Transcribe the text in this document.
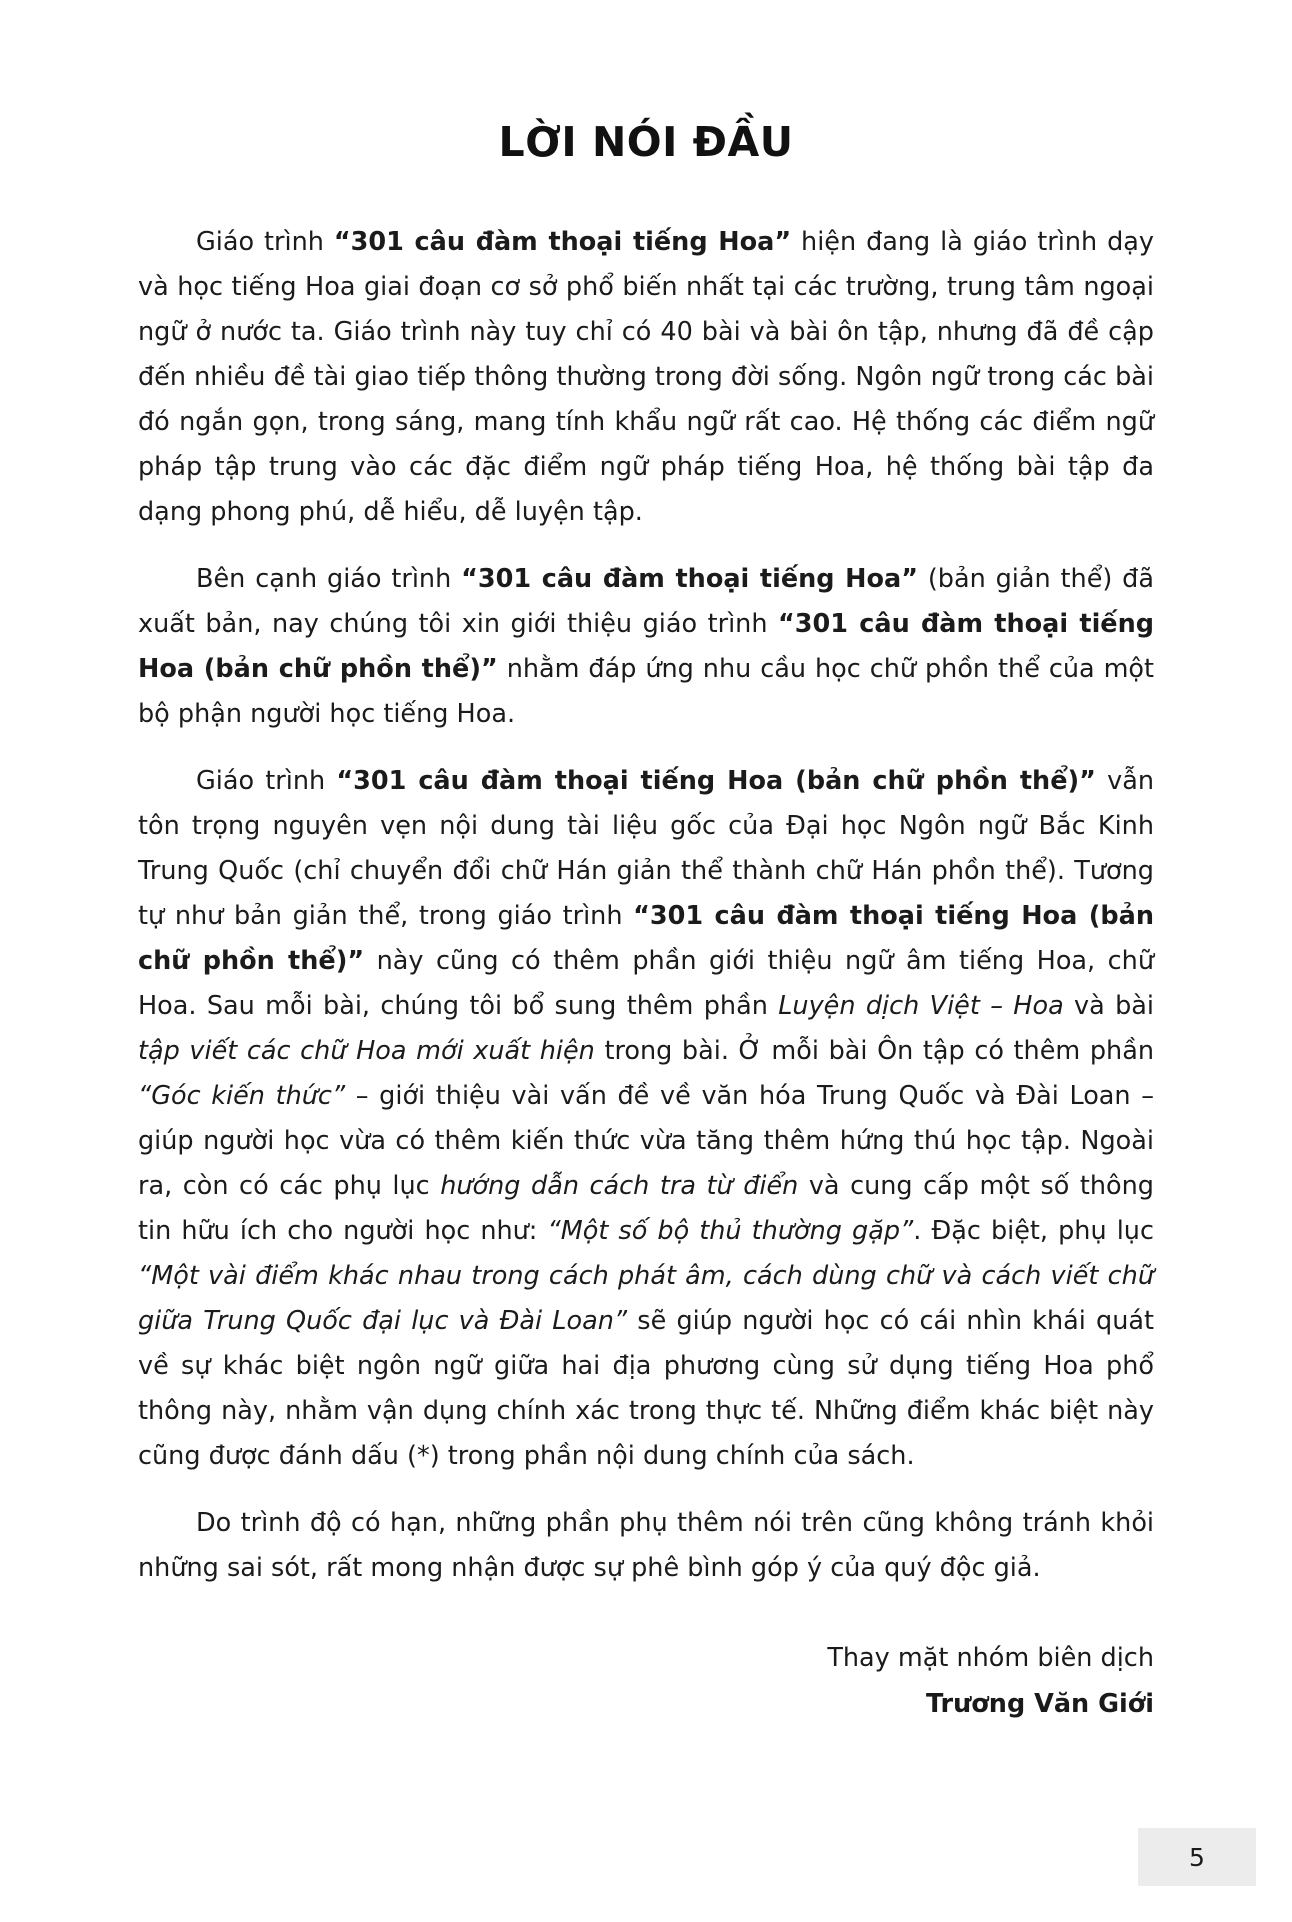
LỜI NÓI ĐẦU

Giáo trình “301 câu đàm thoại tiếng Hoa” hiện đang là giáo trình dạy và học tiếng Hoa giai đoạn cơ sở phổ biến nhất tại các trường, trung tâm ngoại ngữ ở nước ta. Giáo trình này tuy chỉ có 40 bài và bài ôn tập, nhưng đã đề cập đến nhiều đề tài giao tiếp thông thường trong đời sống. Ngôn ngữ trong các bài đó ngắn gọn, trong sáng, mang tính khẩu ngữ rất cao. Hệ thống các điểm ngữ pháp tập trung vào các đặc điểm ngữ pháp tiếng Hoa, hệ thống bài tập đa dạng phong phú, dễ hiểu, dễ luyện tập.

Bên cạnh giáo trình “301 câu đàm thoại tiếng Hoa” (bản giản thể) đã xuất bản, nay chúng tôi xin giới thiệu giáo trình “301 câu đàm thoại tiếng Hoa (bản chữ phồn thể)” nhằm đáp ứng nhu cầu học chữ phồn thể của một bộ phận người học tiếng Hoa.

Giáo trình “301 câu đàm thoại tiếng Hoa (bản chữ phồn thể)” vẫn tôn trọng nguyên vẹn nội dung tài liệu gốc của Đại học Ngôn ngữ Bắc Kinh Trung Quốc (chỉ chuyển đổi chữ Hán giản thể thành chữ Hán phồn thể). Tương tự như bản giản thể, trong giáo trình “301 câu đàm thoại tiếng Hoa (bản chữ phồn thể)” này cũng có thêm phần giới thiệu ngữ âm tiếng Hoa, chữ Hoa. Sau mỗi bài, chúng tôi bổ sung thêm phần Luyện dịch Việt – Hoa và bài tập viết các chữ Hoa mới xuất hiện trong bài. Ở mỗi bài Ôn tập có thêm phần “Góc kiến thức” – giới thiệu vài vấn đề về văn hóa Trung Quốc và Đài Loan – giúp người học vừa có thêm kiến thức vừa tăng thêm hứng thú học tập. Ngoài ra, còn có các phụ lục hướng dẫn cách tra từ điển và cung cấp một số thông tin hữu ích cho người học như: “Một số bộ thủ thường gặp”. Đặc biệt, phụ lục “Một vài điểm khác nhau trong cách phát âm, cách dùng chữ và cách viết chữ giữa Trung Quốc đại lục và Đài Loan” sẽ giúp người học có cái nhìn khái quát về sự khác biệt ngôn ngữ giữa hai địa phương cùng sử dụng tiếng Hoa phổ thông này, nhằm vận dụng chính xác trong thực tế. Những điểm khác biệt này cũng được đánh dấu (*) trong phần nội dung chính của sách.

Do trình độ có hạn, những phần phụ thêm nói trên cũng không tránh khỏi những sai sót, rất mong nhận được sự phê bình góp ý của quý độc giả.

Thay mặt nhóm biên dịch
Trương Văn Giới
5
